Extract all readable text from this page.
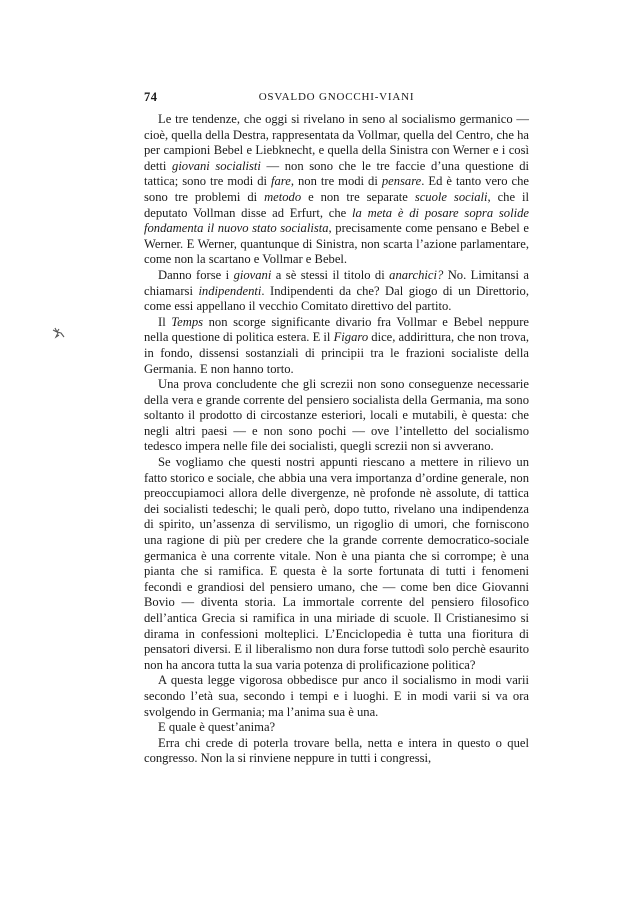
74	OSVALDO GNOCCHI-VIANI

Le tre tendenze, che oggi si rivelano in seno al socialismo germanico — cioè, quella della Destra, rappresentata da Vollmar, quella del Centro, che ha per campioni Bebel e Liebknecht, e quella della Sinistra con Werner e i così detti giovani socialisti — non sono che le tre faccie d’una questione di tattica; sono tre modi di fare, non tre modi di pensare. Ed è tanto vero che sono tre problemi di metodo e non tre separate scuole sociali, che il deputato Vollman disse ad Erfurt, che la meta è di posare sopra solide fondamenta il nuovo stato socialista, precisamente come pensano e Bebel e Werner. E Werner, quantunque di Sinistra, non scarta l’azione parlamentare, come non la scartano e Vollmar e Bebel.

Danno forse i giovani a sè stessi il titolo di anarchici? No. Limitansi a chiamarsi indipendenti. Indipendenti da che? Dal giogo di un Direttorio, come essi appellano il vecchio Comitato direttivo del partito.

Il Temps non scorge significante divario fra Vollmar e Bebel neppure nella questione di politica estera. E il Figaro dice, addirittura, che non trova, in fondo, dissensi sostanziali di principii tra le frazioni socialiste della Germania. E non hanno torto.

Una prova concludente che gli screzii non sono conseguenze necessarie della vera e grande corrente del pensiero socialista della Germania, ma sono soltanto il prodotto di circostanze esteriori, locali e mutabili, è questa: che negli altri paesi — e non sono pochi — ove l’intelletto del socialismo tedesco impera nelle file dei socialisti, quegli screzii non si avverano.

Se vogliamo che questi nostri appunti riescano a mettere in rilievo un fatto storico e sociale, che abbia una vera importanza d’ordine generale, non preoccupiamoci allora delle divergenze, nè profonde nè assolute, di tattica dei socialisti tedeschi; le quali però, dopo tutto, rivelano una indipendenza di spirito, un’assenza di servilismo, un rigoglio di umori, che forniscono una ragione di più per credere che la grande corrente democratico-sociale germanica è una corrente vitale. Non è una pianta che si corrompe; è una pianta che si ramifica. E questa è la sorte fortunata di tutti i fenomeni fecondi e grandiosi del pensiero umano, che — come ben dice Giovanni Bovio — diventa storia. La immortale corrente del pensiero filosofico dell’antica Grecia si ramifica in una miriade di scuole. Il Cristianesimo si dirama in confessioni molteplici. L’Enciclopedia è tutta una fioritura di pensatori diversi. E il liberalismo non dura forse tuttodì solo perchè esaurito non ha ancora tutta la sua varia potenza di prolificazione politica?

A questa legge vigorosa obbedisce pur anco il socialismo in modi varii secondo l’età sua, secondo i tempi e i luoghi. E in modi varii si va ora svolgendo in Germania; ma l’anima sua è una.

E quale è quest’anima?

Erra chi crede di poterla trovare bella, netta e intera in questo o quel congresso. Non la si rinviene neppure in tutti i congressi,
